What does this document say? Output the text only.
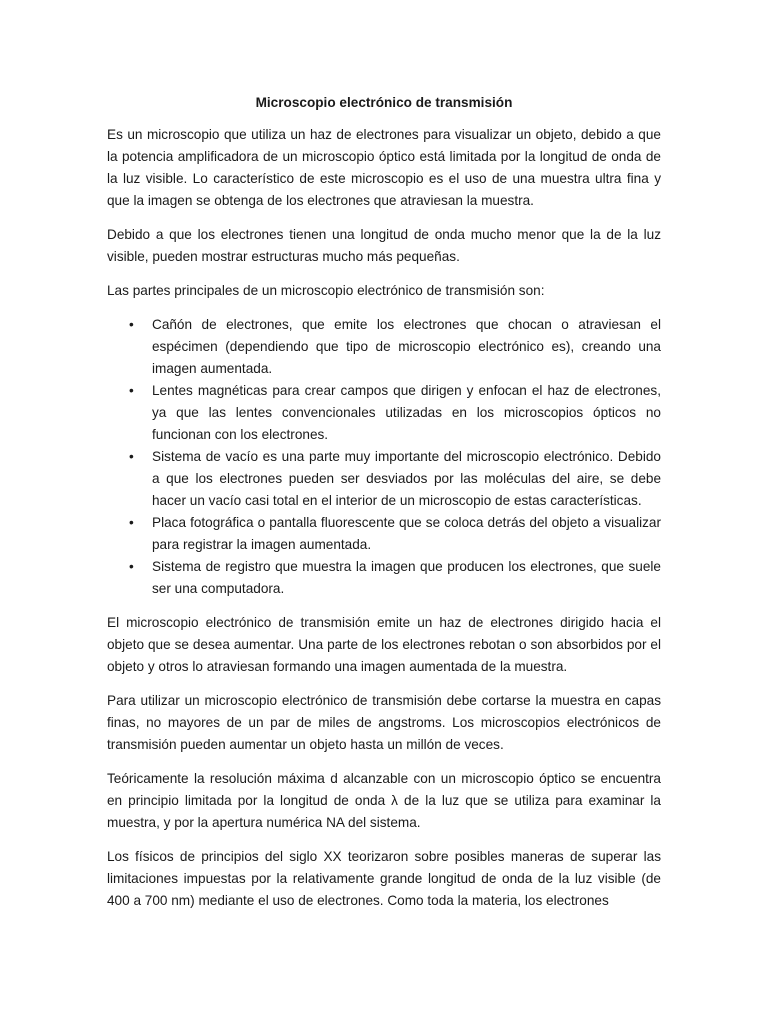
Microscopio electrónico de transmisión

Es un microscopio que utiliza un haz de electrones para visualizar un objeto, debido a que la potencia amplificadora de un microscopio óptico está limitada por la longitud de onda de la luz visible. Lo característico de este microscopio es el uso de una muestra ultra fina y que la imagen se obtenga de los electrones que atraviesan la muestra.

Debido a que los electrones tienen una longitud de onda mucho menor que la de la luz visible, pueden mostrar estructuras mucho más pequeñas.

Las partes principales de un microscopio electrónico de transmisión son:

• Cañón de electrones, que emite los electrones que chocan o atraviesan el espécimen (dependiendo que tipo de microscopio electrónico es), creando una imagen aumentada.
• Lentes magnéticas para crear campos que dirigen y enfocan el haz de electrones, ya que las lentes convencionales utilizadas en los microscopios ópticos no funcionan con los electrones.
• Sistema de vacío es una parte muy importante del microscopio electrónico. Debido a que los electrones pueden ser desviados por las moléculas del aire, se debe hacer un vacío casi total en el interior de un microscopio de estas características.
• Placa fotográfica o pantalla fluorescente que se coloca detrás del objeto a visualizar para registrar la imagen aumentada.
• Sistema de registro que muestra la imagen que producen los electrones, que suele ser una computadora.

El microscopio electrónico de transmisión emite un haz de electrones dirigido hacia el objeto que se desea aumentar. Una parte de los electrones rebotan o son absorbidos por el objeto y otros lo atraviesan formando una imagen aumentada de la muestra.

Para utilizar un microscopio electrónico de transmisión debe cortarse la muestra en capas finas, no mayores de un par de miles de angstroms. Los microscopios electrónicos de transmisión pueden aumentar un objeto hasta un millón de veces.

Teóricamente la resolución máxima d alcanzable con un microscopio óptico se encuentra en principio limitada por la longitud de onda λ de la luz que se utiliza para examinar la muestra, y por la apertura numérica NA del sistema.

Los físicos de principios del siglo XX teorizaron sobre posibles maneras de superar las limitaciones impuestas por la relativamente grande longitud de onda de la luz visible (de 400 a 700 nm) mediante el uso de electrones. Como toda la materia, los electrones
